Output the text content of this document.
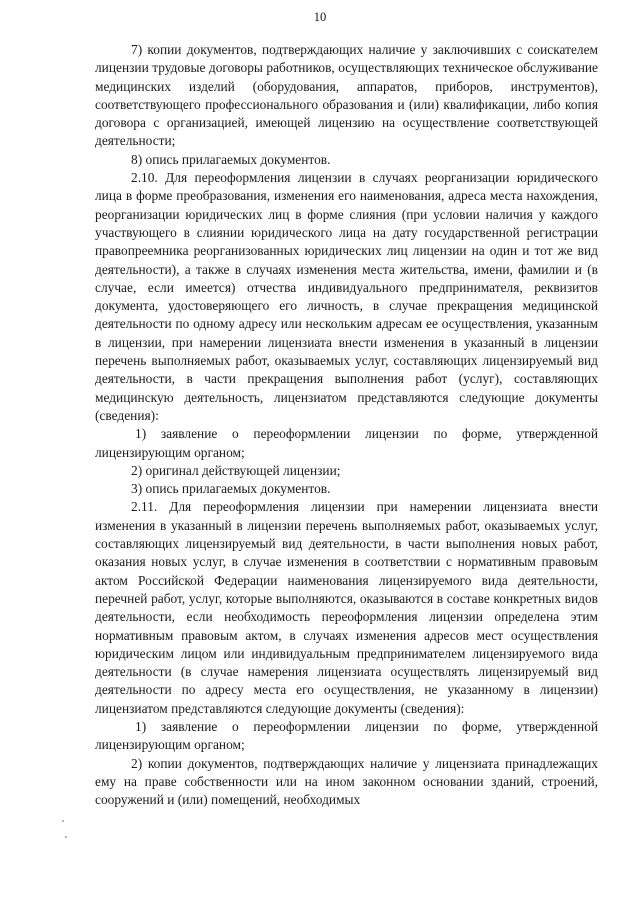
10

7) копии документов, подтверждающих наличие у заключивших с соискателем лицензии трудовые договоры работников, осуществляющих техническое обслуживание медицинских изделий (оборудования, аппаратов, приборов, инструментов), соответствующего профессионального образования и (или) квалификации, либо копия договора с организацией, имеющей лицензию на осуществление соответствующей деятельности;

8) опись прилагаемых документов.

2.10. Для переоформления лицензии в случаях реорганизации юридического лица в форме преобразования, изменения его наименования, адреса места нахождения, реорганизации юридических лиц в форме слияния (при условии наличия у каждого участвующего в слиянии юридического лица на дату государственной регистрации правопреемника реорганизованных юридических лиц лицензии на один и тот же вид деятельности), а также в случаях изменения места жительства, имени, фамилии и (в случае, если имеется) отчества индивидуального предпринимателя, реквизитов документа, удостоверяющего его личность, в случае прекращения медицинской деятельности по одному адресу или нескольким адресам ее осуществления, указанным в лицензии, при намерении лицензиата внести изменения в указанный в лицензии перечень выполняемых работ, оказываемых услуг, составляющих лицензируемый вид деятельности, в части прекращения выполнения работ (услуг), составляющих медицинскую деятельность, лицензиатом представляются следующие документы (сведения):

1) заявление о переоформлении лицензии по форме, утвержденной лицензирующим органом;

2) оригинал действующей лицензии;

3) опись прилагаемых документов.

2.11. Для переоформления лицензии при намерении лицензиата внести изменения в указанный в лицензии перечень выполняемых работ, оказываемых услуг, составляющих лицензируемый вид деятельности, в части выполнения новых работ, оказания новых услуг, в случае изменения в соответствии с нормативным правовым актом Российской Федерации наименования лицензируемого вида деятельности, перечней работ, услуг, которые выполняются, оказываются в составе конкретных видов деятельности, если необходимость переоформления лицензии определена этим нормативным правовым актом, в случаях изменения адресов мест осуществления юридическим лицом или индивидуальным предпринимателем лицензируемого вида деятельности (в случае намерения лицензиата осуществлять лицензируемый вид деятельности по адресу места его осуществления, не указанному в лицензии) лицензиатом представляются следующие документы (сведения):

1) заявление о переоформлении лицензии по форме, утвержденной лицензирующим органом;

2) копии документов, подтверждающих наличие у лицензиата принадлежащих ему на праве собственности или на ином законном основании зданий, строений, сооружений и (или) помещений, необходимых
